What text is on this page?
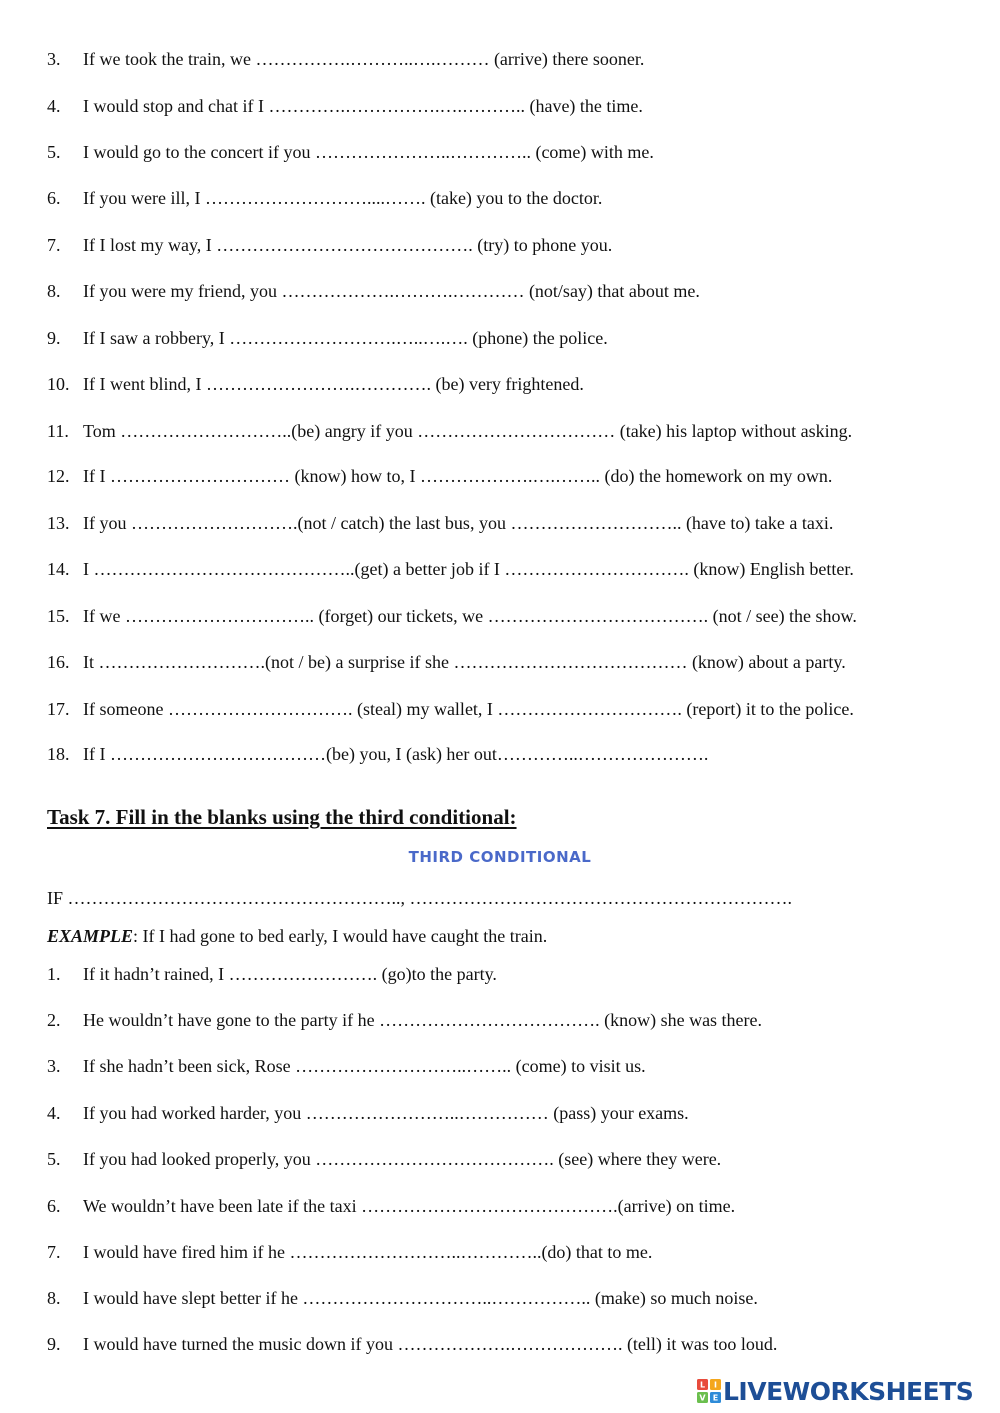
3. If we took the train, we …………….………..….……… (arrive) there sooner.
4. I would stop and chat if I ………….…………….….……….. (have) the time.
5. I would go to the concert if you …………………..………….. (come) with me.
6. If you were ill, I ………………………....……. (take) you to the doctor.
7. If I lost my way, I ……………………………………. (try) to phone you.
8. If you were my friend, you ……………….……….………… (not/say) that about me.
9. If I saw a robbery, I ……………………….…..….…. (phone) the police.
10. If I went blind, I …………………….…………. (be) very frightened.
11. Tom ………………………..(be) angry if you …………………………… (take) his laptop without asking.
12. If I ………………………… (know) how to, I ……………….….…….. (do) the homework on my own.
13. If you ……………………….(not / catch) the last bus, you ……………………….. (have to) take a taxi.
14. I ……………………………………..(get) a better job if I …………………………. (know) English better.
15. If we ………………………….. (forget) our tickets, we ………………………………. (not / see) the show.
16. It ……………………….(not / be) a surprise if she ………………………………… (know) about a party.
17. If someone …………………………. (steal) my wallet, I …………………………. (report) it to the police.
18. If I ………………………………(be) you, I (ask) her out…………..………………….
Task 7. Fill in the blanks using the third conditional:
THIRD CONDITIONAL
IF ……………………………………………….., ……………………………………………………….
EXAMPLE: If I had gone to bed early, I would have caught the train.
1. If it hadn’t rained, I ……………………. (go)to the party.
2. He wouldn’t have gone to the party if he ………………………………. (know) she was there.
3. If she hadn’t been sick, Rose ………………………..…….. (come) to visit us.
4. If you had worked harder, you ……………………..…………… (pass) your exams.
5. If you had looked properly, you …………………………………. (see) where they were.
6. We wouldn’t have been late if the taxi …………………………………….(arrive) on time.
7. I would have fired him if he ………………………..…………..(do) that to me.
8. I would have slept better if he …………………………..…………….. (make) so much noise.
9. I would have turned the music down if you ……………….………………. (tell) it was too loud.
L I
V E LIVEWORKSHEETS
